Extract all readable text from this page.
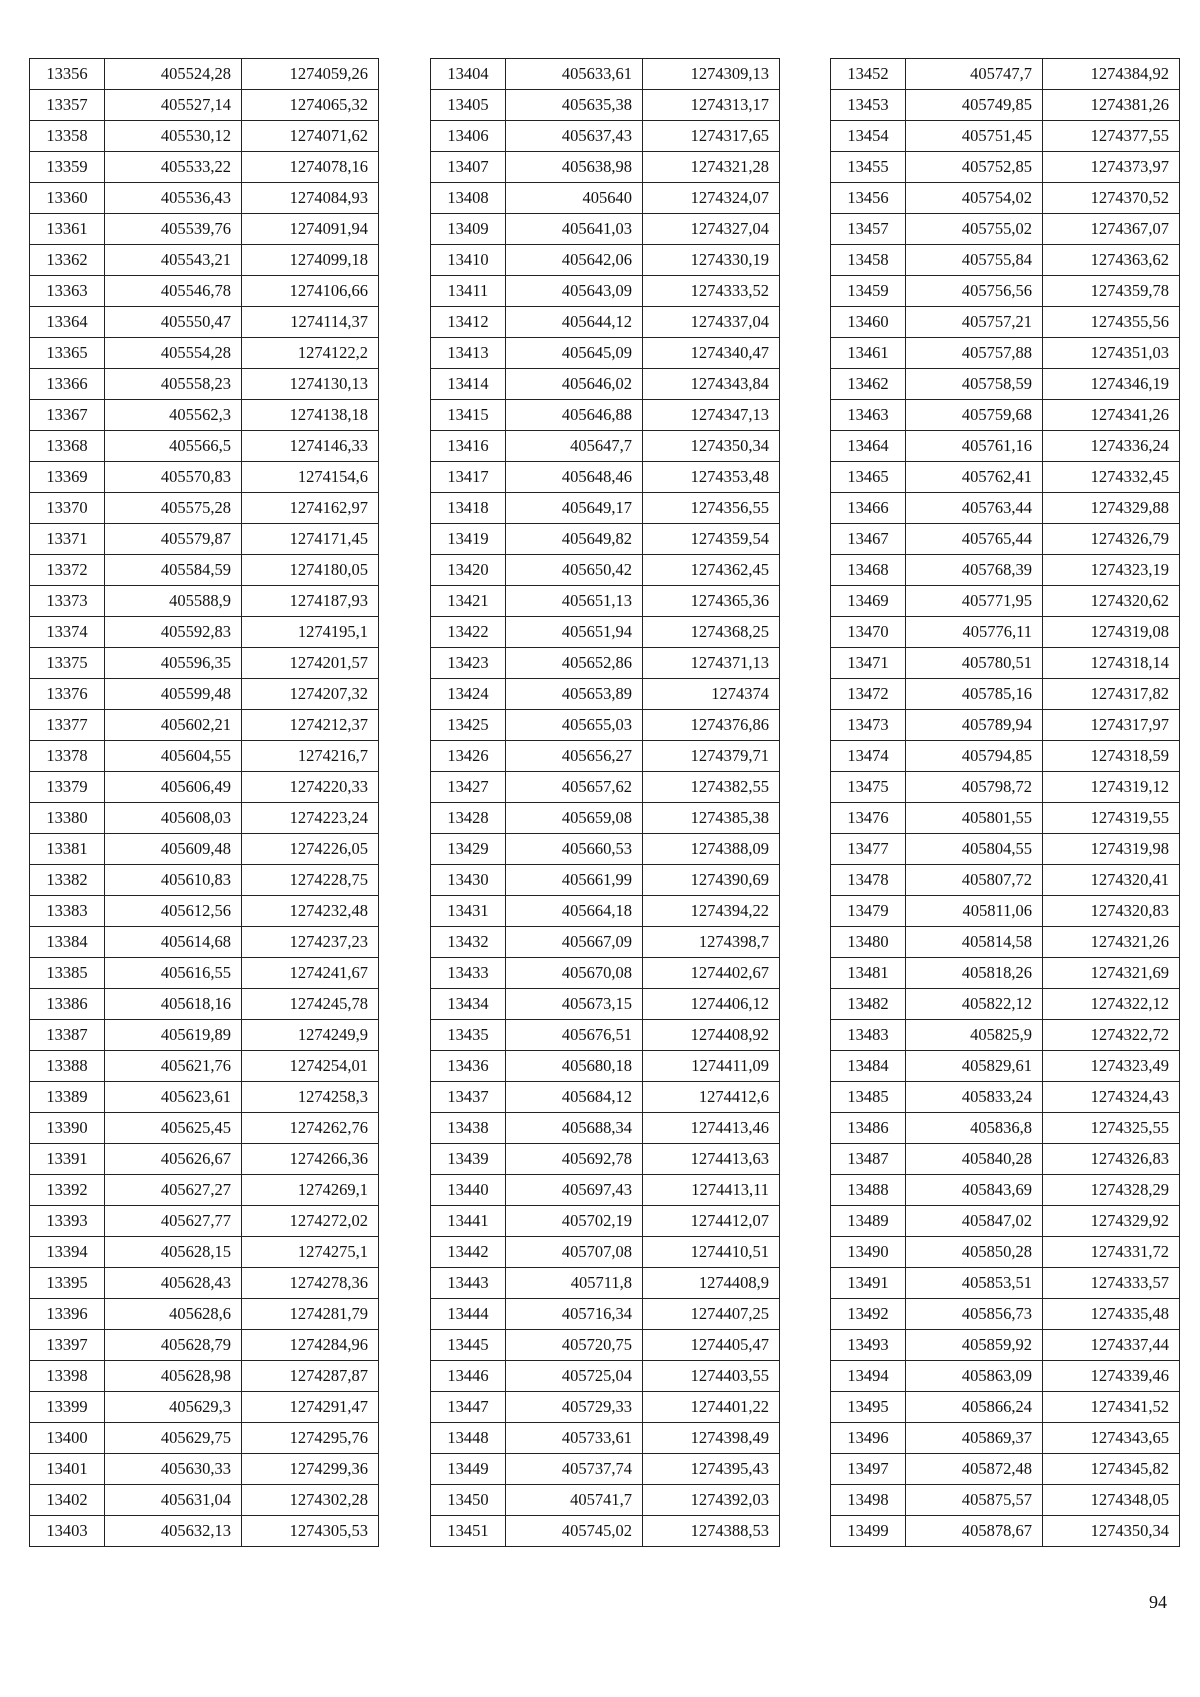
13356	405524,28	1274059,26
13357	405527,14	1274065,32
13358	405530,12	1274071,62
13359	405533,22	1274078,16
13360	405536,43	1274084,93
13361	405539,76	1274091,94
13362	405543,21	1274099,18
13363	405546,78	1274106,66
13364	405550,47	1274114,37
13365	405554,28	1274122,2
13366	405558,23	1274130,13
13367	405562,3	1274138,18
13368	405566,5	1274146,33
13369	405570,83	1274154,6
13370	405575,28	1274162,97
13371	405579,87	1274171,45
13372	405584,59	1274180,05
13373	405588,9	1274187,93
13374	405592,83	1274195,1
13375	405596,35	1274201,57
13376	405599,48	1274207,32
13377	405602,21	1274212,37
13378	405604,55	1274216,7
13379	405606,49	1274220,33
13380	405608,03	1274223,24
13381	405609,48	1274226,05
13382	405610,83	1274228,75
13383	405612,56	1274232,48
13384	405614,68	1274237,23
13385	405616,55	1274241,67
13386	405618,16	1274245,78
13387	405619,89	1274249,9
13388	405621,76	1274254,01
13389	405623,61	1274258,3
13390	405625,45	1274262,76
13391	405626,67	1274266,36
13392	405627,27	1274269,1
13393	405627,77	1274272,02
13394	405628,15	1274275,1
13395	405628,43	1274278,36
13396	405628,6	1274281,79
13397	405628,79	1274284,96
13398	405628,98	1274287,87
13399	405629,3	1274291,47
13400	405629,75	1274295,76
13401	405630,33	1274299,36
13402	405631,04	1274302,28
13403	405632,13	1274305,53
13404	405633,61	1274309,13
13405	405635,38	1274313,17
13406	405637,43	1274317,65
13407	405638,98	1274321,28
13408	405640	1274324,07
13409	405641,03	1274327,04
13410	405642,06	1274330,19
13411	405643,09	1274333,52
13412	405644,12	1274337,04
13413	405645,09	1274340,47
13414	405646,02	1274343,84
13415	405646,88	1274347,13
13416	405647,7	1274350,34
13417	405648,46	1274353,48
13418	405649,17	1274356,55
13419	405649,82	1274359,54
13420	405650,42	1274362,45
13421	405651,13	1274365,36
13422	405651,94	1274368,25
13423	405652,86	1274371,13
13424	405653,89	1274374
13425	405655,03	1274376,86
13426	405656,27	1274379,71
13427	405657,62	1274382,55
13428	405659,08	1274385,38
13429	405660,53	1274388,09
13430	405661,99	1274390,69
13431	405664,18	1274394,22
13432	405667,09	1274398,7
13433	405670,08	1274402,67
13434	405673,15	1274406,12
13435	405676,51	1274408,92
13436	405680,18	1274411,09
13437	405684,12	1274412,6
13438	405688,34	1274413,46
13439	405692,78	1274413,63
13440	405697,43	1274413,11
13441	405702,19	1274412,07
13442	405707,08	1274410,51
13443	405711,8	1274408,9
13444	405716,34	1274407,25
13445	405720,75	1274405,47
13446	405725,04	1274403,55
13447	405729,33	1274401,22
13448	405733,61	1274398,49
13449	405737,74	1274395,43
13450	405741,7	1274392,03
13451	405745,02	1274388,53
13452	405747,7	1274384,92
13453	405749,85	1274381,26
13454	405751,45	1274377,55
13455	405752,85	1274373,97
13456	405754,02	1274370,52
13457	405755,02	1274367,07
13458	405755,84	1274363,62
13459	405756,56	1274359,78
13460	405757,21	1274355,56
13461	405757,88	1274351,03
13462	405758,59	1274346,19
13463	405759,68	1274341,26
13464	405761,16	1274336,24
13465	405762,41	1274332,45
13466	405763,44	1274329,88
13467	405765,44	1274326,79
13468	405768,39	1274323,19
13469	405771,95	1274320,62
13470	405776,11	1274319,08
13471	405780,51	1274318,14
13472	405785,16	1274317,82
13473	405789,94	1274317,97
13474	405794,85	1274318,59
13475	405798,72	1274319,12
13476	405801,55	1274319,55
13477	405804,55	1274319,98
13478	405807,72	1274320,41
13479	405811,06	1274320,83
13480	405814,58	1274321,26
13481	405818,26	1274321,69
13482	405822,12	1274322,12
13483	405825,9	1274322,72
13484	405829,61	1274323,49
13485	405833,24	1274324,43
13486	405836,8	1274325,55
13487	405840,28	1274326,83
13488	405843,69	1274328,29
13489	405847,02	1274329,92
13490	405850,28	1274331,72
13491	405853,51	1274333,57
13492	405856,73	1274335,48
13493	405859,92	1274337,44
13494	405863,09	1274339,46
13495	405866,24	1274341,52
13496	405869,37	1274343,65
13497	405872,48	1274345,82
13498	405875,57	1274348,05
13499	405878,67	1274350,34
94
